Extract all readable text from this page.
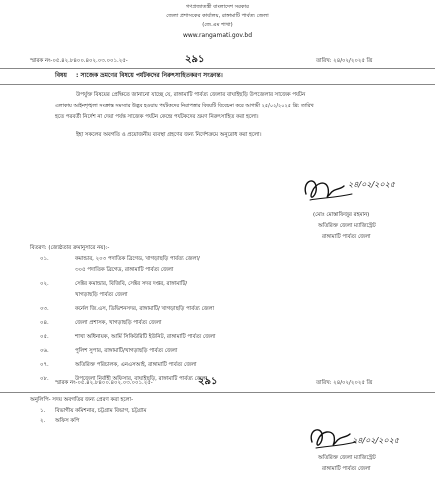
গণপ্রজাতন্ত্রী বাংলাদেশ সরকার
জেলা প্রশাসকের কার্যালয়, রাঙ্গামাটি পার্বত্য জেলা
(জে.এম শাখা)
www.rangamati.gov.bd
স্মারক নং-০৫.৪২.৮৪০০.৪০২.০৩.০০১.২৫-	২৯১	তারিখ: ২৪/০২/২০২৫ খ্রি
বিষয় : সাজেক ভ্রমণের বিষয়ে পর্যটকদের নিরুৎসাহিতকরণ সংক্রান্ত।
উপর্যুক্ত বিষয়ের প্রেক্ষিতে জানানো যাচ্ছে যে, রাঙ্গামাটি পার্বত্য জেলার বাঘাইছড়ি উপজেলার সাজেক পর্যটন
এলাকায় আইনশৃঙ্খলা সংক্রান্ত সমস্যার উদ্ভব হওয়ায় পর্যটকদের নিরাপত্তার বিষয়টি বিবেচনা করে আগামী ২৫/০২/২০২৫ খ্রি: তারিখ
হতে পরবর্তী নির্দেশ না দেয়া পর্যন্ত সাজেক পর্যটন কেন্দ্রে পর্যটকদের ভ্রমণ নিরুৎসাহিত করা হলো।
ইহা সকলের অবগতি ও প্রয়োজনীয় ব্যবস্থা গ্রহণের জন্য নির্দেশক্রমে অনুরোধ করা হলো।
২৪/০২/২০২৫
(মোঃ মোস্তাফিজুর রহমান)
অতিরিক্ত জেলা ম্যাজিস্ট্রেট
রাঙ্গামাটি পার্বত্য জেলা
বিতরণ: (জ্যেষ্ঠতার ক্রমানুসারে নয়):-
০১.	কমান্ডার, ২০৩ পদাতিক ব্রিগেড, খাগড়াছড়ি পার্বত্য জেলা/
৩০৫ পদাতিক ব্রিগেড, রাঙ্গামাটি পার্বত্য জেলা
০২.	সেক্টর কমান্ডার, বিজিবি, সেক্টর সদর দপ্তর, রাঙ্গামাটি/
খাগড়াছড়ি পার্বত্য জেলা
০৩.	কর্নেল জি.এস, ডিভিশনসদর, রাঙ্গামাটি/ খাগড়াছড়ি পার্বত্য জেলা
০৪.	জেলা প্রশাসক, খাগড়াছড়ি পার্বত্য জেলা
০৫.	শাখা অধিনায়ক, আর্মি সিকিউরিটি ইউনিট, রাঙ্গামাটি পার্বত্য জেলা
০৬.	পুলিশ সুপার, রাঙ্গামাটি/খাগড়াছড়ি পার্বত্য জেলা
০৭.	অতিরিক্ত পরিচালক, এনএসআই, রাঙ্গামাটি পার্বত্য জেলা
০৮.	উপজেলা নির্বাহী অফিসার, বাঘাইছড়ি, রাঙ্গামাটি পার্বত্য জেলা
স্মারক নং-০৫.৪২.৮৪০০.৪০২.০৩.০০১.২৫-	২৯১	তারিখ: ২৪/০২/২০২৫ খ্রি
অনুলিপি- সদয় অবগতির জন্য প্রেরণ করা হলো-
১. বিভাগীয় কমিশনার, চট্টগ্রাম বিভাগ, চট্টগ্রাম
২. অফিস কপি
২৪/০২/২০২৫
অতিরিক্ত জেলা ম্যাজিস্ট্রেট
রাঙ্গামাটি পার্বত্য জেলা
